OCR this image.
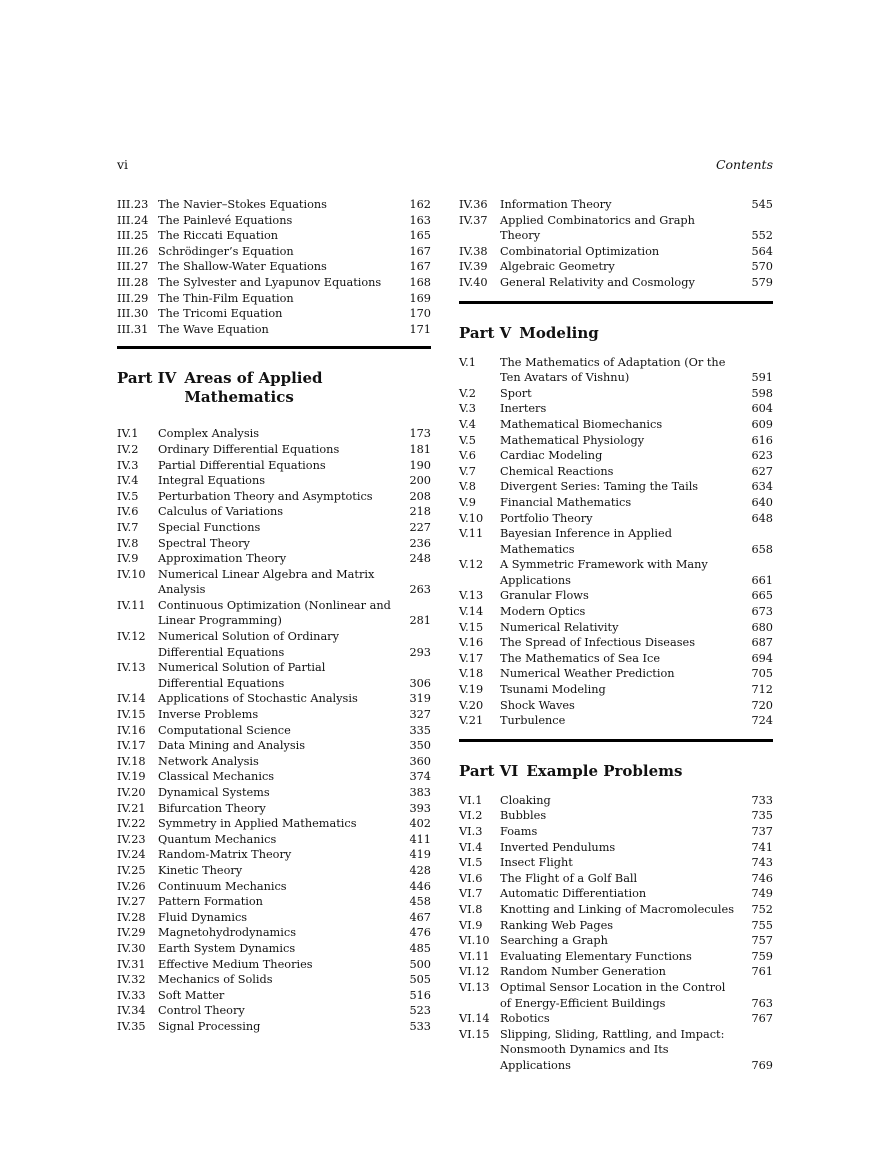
vi	Contents
III.23 The Navier–Stokes Equations	162
III.24 The Painlevé Equations	163
III.25 The Riccati Equation	165
III.26 Schrödinger’s Equation	167
III.27 The Shallow-Water Equations	167
III.28 The Sylvester and Lyapunov Equations	168
III.29 The Thin-Film Equation	169
III.30 The Tricomi Equation	170
III.31 The Wave Equation	171
Part IV Areas of Applied Mathematics
IV.1	Complex Analysis	173
IV.2	Ordinary Differential Equations	181
IV.3	Partial Differential Equations	190
IV.4	Integral Equations	200
IV.5	Perturbation Theory and Asymptotics	208
IV.6	Calculus of Variations	218
IV.7	Special Functions	227
IV.8	Spectral Theory	236
IV.9	Approximation Theory	248
IV.10	Numerical Linear Algebra and Matrix Analysis	263
IV.11	Continuous Optimization (Nonlinear and Linear Programming)	281
IV.12	Numerical Solution of Ordinary Differential Equations	293
IV.13	Numerical Solution of Partial Differential Equations	306
IV.14	Applications of Stochastic Analysis	319
IV.15	Inverse Problems	327
IV.16	Computational Science	335
IV.17	Data Mining and Analysis	350
IV.18	Network Analysis	360
IV.19	Classical Mechanics	374
IV.20	Dynamical Systems	383
IV.21	Bifurcation Theory	393
IV.22	Symmetry in Applied Mathematics	402
IV.23	Quantum Mechanics	411
IV.24	Random-Matrix Theory	419
IV.25	Kinetic Theory	428
IV.26	Continuum Mechanics	446
IV.27	Pattern Formation	458
IV.28	Fluid Dynamics	467
IV.29	Magnetohydrodynamics	476
IV.30	Earth System Dynamics	485
IV.31	Effective Medium Theories	500
IV.32	Mechanics of Solids	505
IV.33	Soft Matter	516
IV.34	Control Theory	523
IV.35	Signal Processing	533
IV.36	Information Theory	545
IV.37	Applied Combinatorics and Graph Theory	552
IV.38	Combinatorial Optimization	564
IV.39	Algebraic Geometry	570
IV.40	General Relativity and Cosmology	579
Part V Modeling
V.1	The Mathematics of Adaptation (Or the Ten Avatars of Vishnu)	591
V.2	Sport	598
V.3	Inerters	604
V.4	Mathematical Biomechanics	609
V.5	Mathematical Physiology	616
V.6	Cardiac Modeling	623
V.7	Chemical Reactions	627
V.8	Divergent Series: Taming the Tails	634
V.9	Financial Mathematics	640
V.10	Portfolio Theory	648
V.11	Bayesian Inference in Applied Mathematics	658
V.12	A Symmetric Framework with Many Applications	661
V.13	Granular Flows	665
V.14	Modern Optics	673
V.15	Numerical Relativity	680
V.16	The Spread of Infectious Diseases	687
V.17	The Mathematics of Sea Ice	694
V.18	Numerical Weather Prediction	705
V.19	Tsunami Modeling	712
V.20	Shock Waves	720
V.21	Turbulence	724
Part VI Example Problems
VI.1	Cloaking	733
VI.2	Bubbles	735
VI.3	Foams	737
VI.4	Inverted Pendulums	741
VI.5	Insect Flight	743
VI.6	The Flight of a Golf Ball	746
VI.7	Automatic Differentiation	749
VI.8	Knotting and Linking of Macromolecules	752
VI.9	Ranking Web Pages	755
VI.10 Searching a Graph	757
VI.11 Evaluating Elementary Functions	759
VI.12 Random Number Generation	761
VI.13 Optimal Sensor Location in the Control of Energy-Efficient Buildings	763
VI.14 Robotics	767
VI.15 Slipping, Sliding, Rattling, and Impact: Nonsmooth Dynamics and Its Applications	769
